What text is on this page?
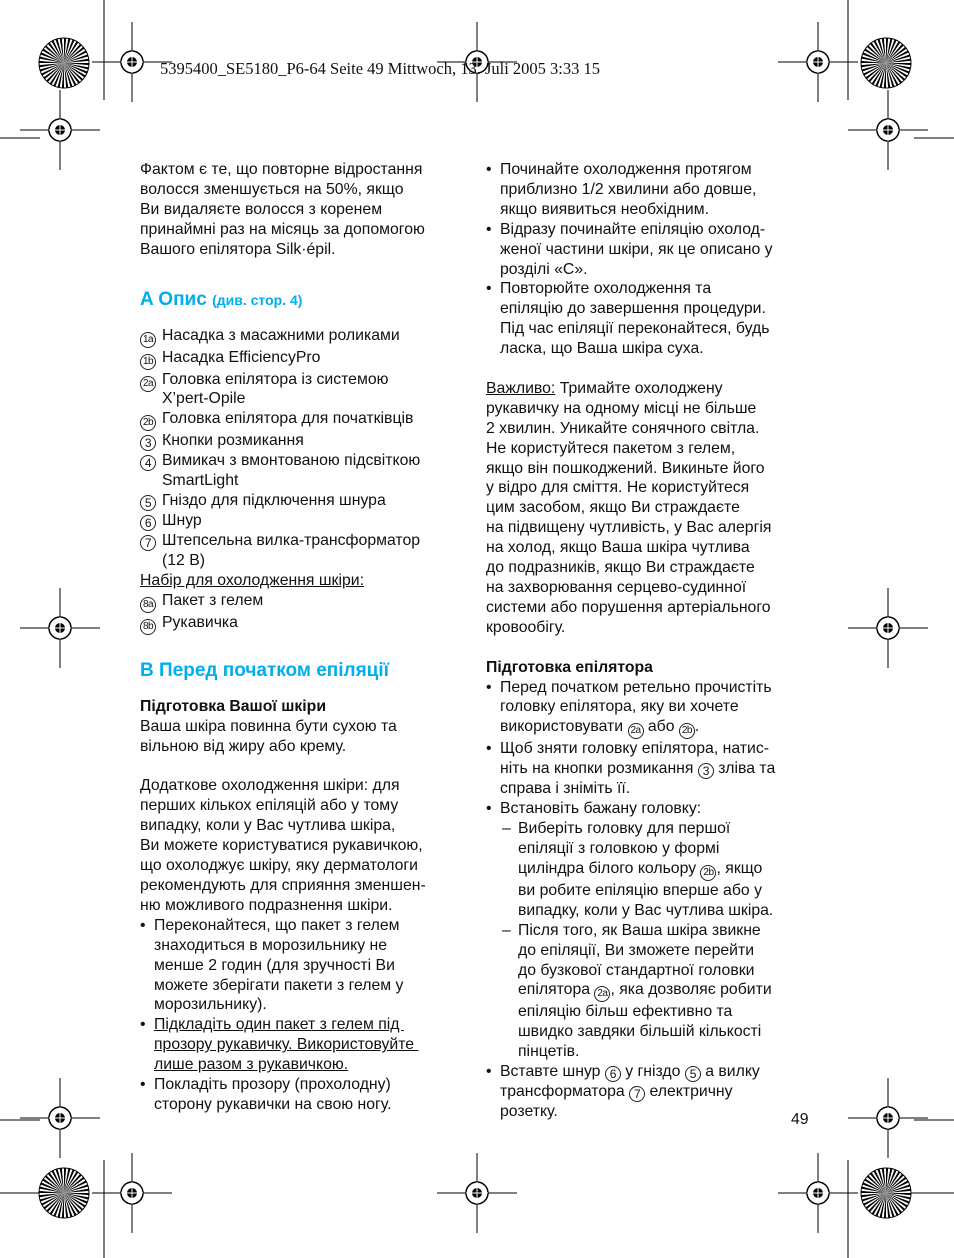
5395400_SE5180_P6-64 Seite 49 Mittwoch, 13. Juli 2005 3:33 15

Фактом є те, що повторне відростання

волосся зменшується на 50%, якщо

Ви видаляєте волосся з коренем

принаймні раз на місяць за допомогою

Вашого епілятора Silk·épil.

A Опис (див. стор. 4)

1a Насадка з масажними роликами
1b Насадка EfficiencyPro
2a Головка епілятора із системою
X’pert-Opile
2b Головка епілятора для початківців
3 Кнопки розмикання
4 Вимикач з вмонтованою підсвіткою
SmartLight
5 Гніздо для підключення шнура
6 Шнур
7 Штепсельна вилка-трансформатор
(12 В)

Набір для охолодження шкіри:

8a Пакет з гелем
8b Рукавичка

B Перед початком епіляції

Підготовка Вашої шкіри

Ваша шкіра повинна бути сухою та

вільною від жиру або крему.

Додаткове охолодження шкіри: для

перших кількох епіляцій або у тому

випадку, коли у Вас чутлива шкіра,

Ви можете користуватися рукавичкою,

що охолоджує шкіру, яку дерматологи

рекомендують для сприяння зменшен-

ню можливого подразнення шкіри.

• Переконайтеся, що пакет з гелем
знаходиться в морозильнику не
менше 2 годин (для зручності Ви
можете зберігати пакети з гелем у
морозильнику).
• Підкладіть один пакет з гелем під
прозору рукавичку. Використовуйте
лише разом з рукавичкою.
• Покладіть прозору (прохолодну)
сторону рукавички на свою ногу.
• Починайте охолодження протягом
приблизно 1/2 хвилини або довше,
якщо виявиться необхідним.
• Відразу починайте епіляцію охолод-
женої частини шкіри, як це описано у
розділі «C».
• Повторюйте охолодження та
епіляцію до завершення процедури.
Під час епіляції переконайтеся, будь
ласка, що Ваша шкіра суха.

Важливо: Тримайте охолоджену

рукавичку на одному місці не більше

2 хвилин. Уникайте сонячного світла.

Не користуйтеся пакетом з гелем,

якщо він пошкоджений. Викиньте його

у відро для сміття. Не користуйтеся

цим засобом, якщо Ви страждаєте

на підвищену чутливість, у Вас алергія

на холод, якщо Ваша шкіра чутлива

до подразників, якщо Ви страждаєте

на захворювання серцево-судинної

системи або порушення артеріального

кровообігу.

Підготовка епілятора

• Перед початком ретельно прочистіть
головку епілятора, яку ви хочете
використовувати 2a або 2b .
• Щоб зняти головку епілятора, натис-
ніть на кнопки розмикання 3 зліва та
справа і зніміть її.
• Встановіть бажану головку:
– Виберіть головку для першої
епіляції з головкою у формі
циліндра білого кольору 2b , якщо
ви робите епіляцію вперше або у
випадку, коли у Вас чутлива шкіра.
– Після того, як Ваша шкіра звикне
до епіляції, Ви зможете перейти
до бузкової стандартної головки
епілятора 2a , яка дозволяє робити
епіляцію більш ефективно та
швидко завдяки більшій кількості
пінцетів.
• Вставте шнур 6 у гніздо 5 а вилку
трансформатора 7 електричну
розетку.	49
